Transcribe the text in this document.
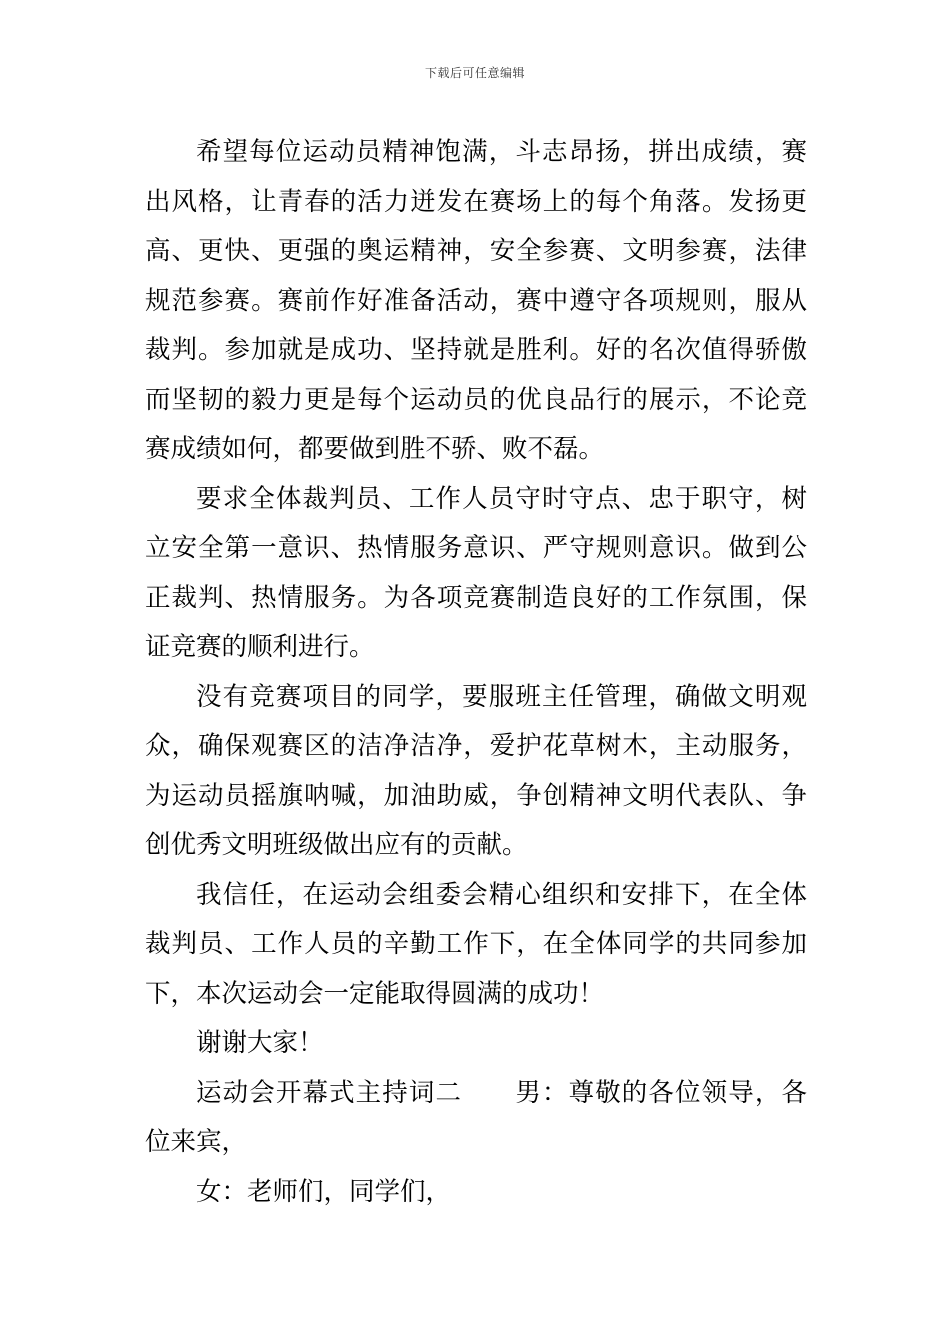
下载后可任意编辑

希望每位运动员精神饱满，斗志昂扬，拼出成绩，赛出风格，让青春的活力迸发在赛场上的每个角落。发扬更高、更快、更强的奥运精神，安全参赛、文明参赛，法律规范参赛。赛前作好准备活动，赛中遵守各项规则，服从裁判。参加就是成功、坚持就是胜利。好的名次值得骄傲而坚韧的毅力更是每个运动员的优良品行的展示，不论竞赛成绩如何，都要做到胜不骄、败不磊。

要求全体裁判员、工作人员守时守点、忠于职守，树立安全第一意识、热情服务意识、严守规则意识。做到公正裁判、热情服务。为各项竞赛制造良好的工作氛围，保证竞赛的顺利进行。

没有竞赛项目的同学，要服班主任管理，确做文明观众，确保观赛区的洁净洁净，爱护花草树木，主动服务，为运动员摇旗呐喊，加油助威，争创精神文明代表队、争创优秀文明班级做出应有的贡献。

我信任，在运动会组委会精心组织和安排下，在全体裁判员、工作人员的辛勤工作下，在全体同学的共同参加下，本次运动会一定能取得圆满的成功！

谢谢大家！

运动会开幕式主持词二　　男：尊敬的各位领导，各位来宾，

女：老师们，同学们，
